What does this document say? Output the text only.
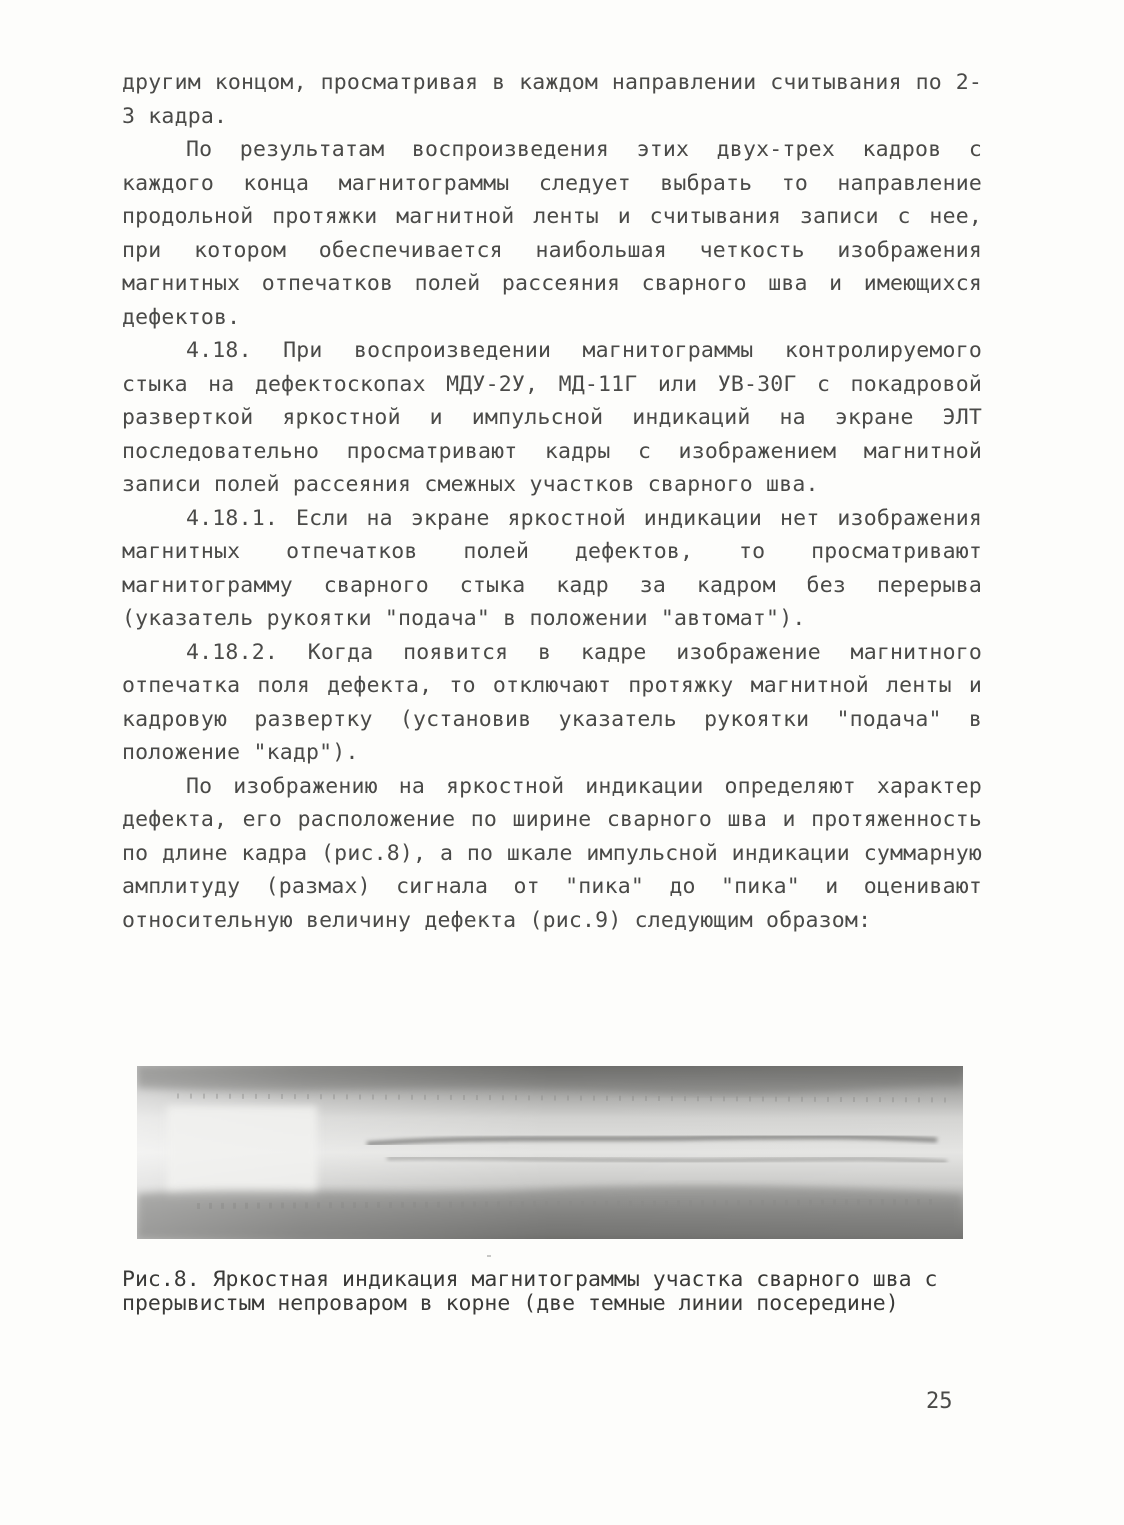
другим концом, просматривая в каждом направлении считывания по 2-3 кадра.

По результатам воспроизведения этих двух-трех кадров с каждого конца магнитограммы следует выбрать то направление продольной протяжки магнитной ленты и считывания записи с нее, при котором обеспечивается наибольшая четкость изображения магнитных отпечатков полей рассеяния сварного шва и имеющихся дефектов.

4.18. При воспроизведении магнитограммы контролируемого стыка на дефектоскопах МДУ-2У, МД-11Г или УВ-30Г с покадровой разверткой яркостной и импульсной индикаций на экране ЭЛТ последовательно просматривают кадры с изображением магнитной записи полей рассеяния смежных участков сварного шва.

4.18.1. Если на экране яркостной индикации нет изображения магнитных отпечатков полей дефектов, то просматривают магнитограмму сварного стыка кадр за кадром без перерыва (указатель рукоятки "подача" в положении "автомат").

4.18.2. Когда появится в кадре изображение магнитного отпечатка поля дефекта, то отключают протяжку магнитной ленты и кадровую развертку (установив указатель рукоятки "подача" в положение "кадр").

По изображению на яркостной индикации определяют характер дефекта, его расположение по ширине сварного шва и протяженность по длине кадра (рис.8), а по шкале импульсной индикации суммарную амплитуду (размах) сигнала от "пика" до "пика" и оценивают относительную величину дефекта (рис.9) следующим образом:

Рис.8. Яркостная индикация магнитограммы участка сварного шва с прерывистым непроваром в корне (две темные линии посередине)

25
